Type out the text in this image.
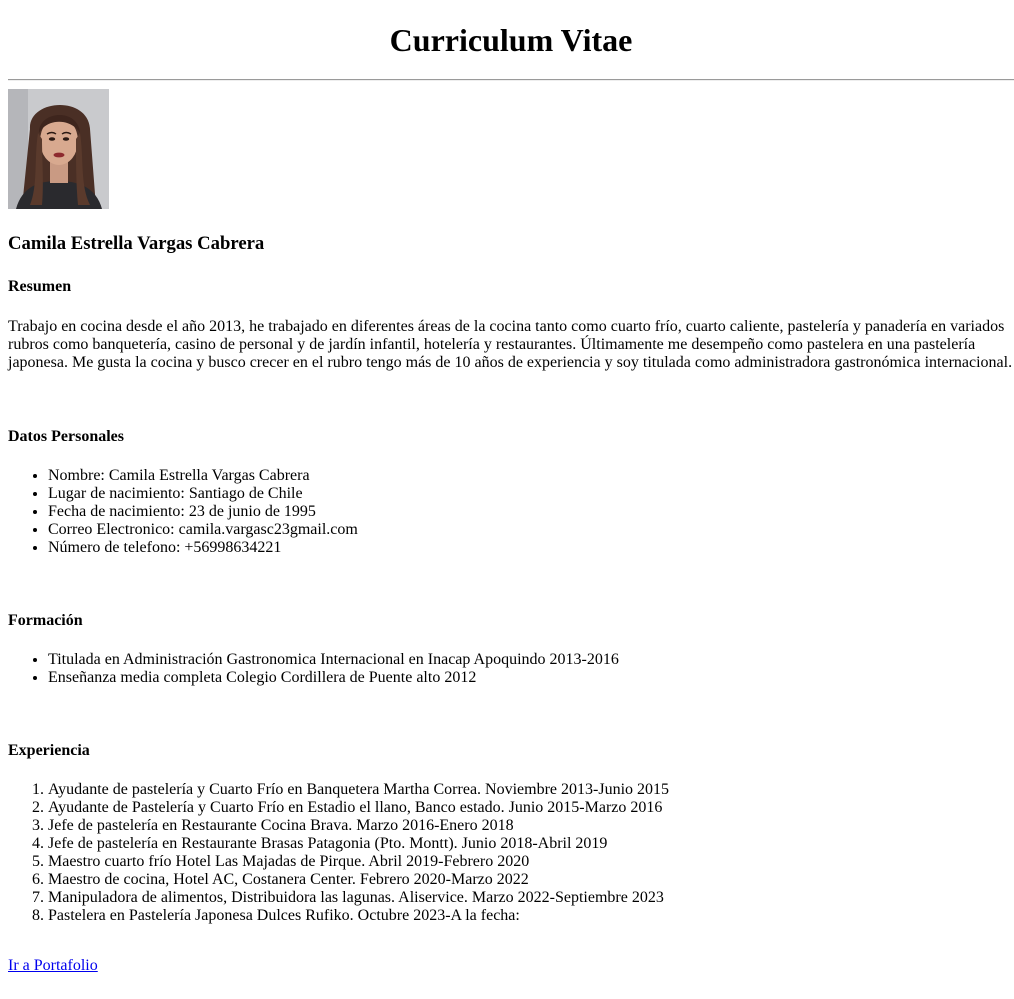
Curriculum Vitae
Camila Estrella Vargas Cabrera
Resumen

Trabajo en cocina desde el año 2013, he trabajado en diferentes áreas de la cocina tanto como cuarto frío, cuarto caliente, pastelería y panadería en variados rubros como banquetería, casino de personal y de jardín infantil, hotelería y restaurantes. Últimamente me desempeño como pastelera en una pastelería japonesa. Me gusta la cocina y busco crecer en el rubro tengo más de 10 años de experiencia y soy titulada como administradora gastronómica internacional.

Datos Personales
• Nombre: Camila Estrella Vargas Cabrera
• Lugar de nacimiento: Santiago de Chile
• Fecha de nacimiento: 23 de junio de 1995
• Correo Electronico: camila.vargasc23gmail.com
• Número de telefono: +56998634221
Formación
• Titulada en Administración Gastronomica Internacional en Inacap Apoquindo 2013-2016
• Enseñanza media completa Colegio Cordillera de Puente alto 2012
Experiencia
1. Ayudante de pastelería y Cuarto Frío en Banquetera Martha Correa. Noviembre 2013-Junio 2015
2. Ayudante de Pastelería y Cuarto Frío en Estadio el llano, Banco estado. Junio 2015-Marzo 2016
3. Jefe de pastelería en Restaurante Cocina Brava. Marzo 2016-Enero 2018
4. Jefe de pastelería en Restaurante Brasas Patagonia (Pto. Montt). Junio 2018-Abril 2019
5. Maestro cuarto frío Hotel Las Majadas de Pirque. Abril 2019-Febrero 2020
6. Maestro de cocina, Hotel AC, Costanera Center. Febrero 2020-Marzo 2022
7. Manipuladora de alimentos, Distribuidora las lagunas. Aliservice. Marzo 2022-Septiembre 2023
8. Pastelera en Pastelería Japonesa Dulces Rufiko. Octubre 2023-A la fecha:
Ir a Portafolio
